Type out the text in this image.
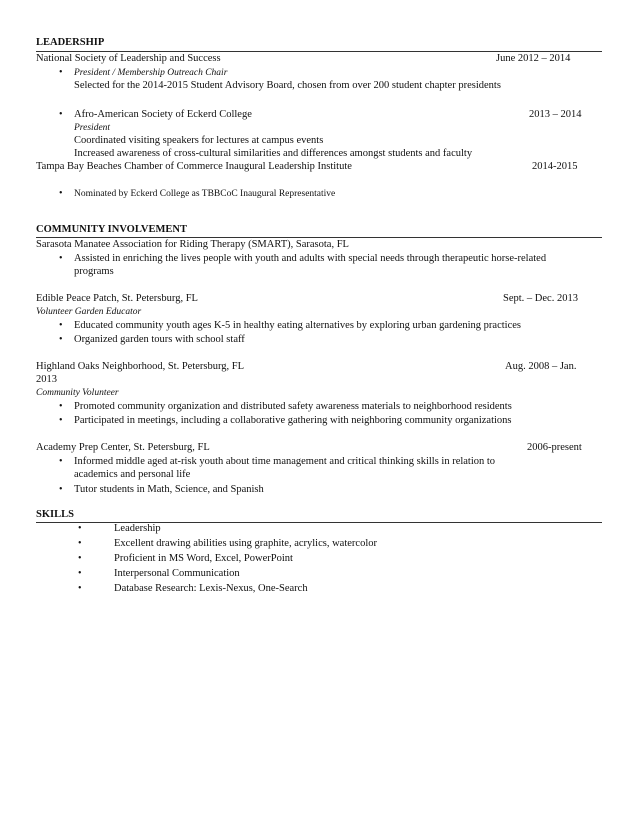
LEADERSHIP
National Society of Leadership and Success	June 2012 – 2014
• President / Membership Outreach Chair
Selected for the 2014-2015 Student Advisory Board, chosen from over 200 student chapter presidents
• Afro-American Society of Eckerd College	2013 – 2014
President
Coordinated visiting speakers for lectures at campus events
Increased awareness of cross-cultural similarities and differences amongst students and faculty
Tampa Bay Beaches Chamber of Commerce Inaugural Leadership Institute	2014-2015
• Nominated by Eckerd College as TBBCoC Inaugural Representative
COMMUNITY INVOLVEMENT
Sarasota Manatee Association for Riding Therapy (SMART), Sarasota, FL
• Assisted in enriching the lives people with youth and adults with special needs through therapeutic horse-related
programs
Edible Peace Patch, St. Petersburg, FL	Sept. – Dec. 2013
Volunteer Garden Educator
• Educated community youth ages K-5 in healthy eating alternatives by exploring urban gardening practices
• Organized garden tours with school staff
Highland Oaks Neighborhood, St. Petersburg, FL	Aug. 2008 – Jan.
2013
Community Volunteer
• Promoted community organization and distributed safety awareness materials to neighborhood residents
• Participated in meetings, including a collaborative gathering with neighboring community organizations
Academy Prep Center, St. Petersburg, FL	2006-present
• Informed middle aged at-risk youth about time management and critical thinking skills in relation to
academics and personal life
• Tutor students in Math, Science, and Spanish
SKILLS
•	Leadership
•	Excellent drawing abilities using graphite, acrylics, watercolor
•	Proficient in MS Word, Excel, PowerPoint
•	Interpersonal Communication
•	Database Research: Lexis-Nexus, One-Search
